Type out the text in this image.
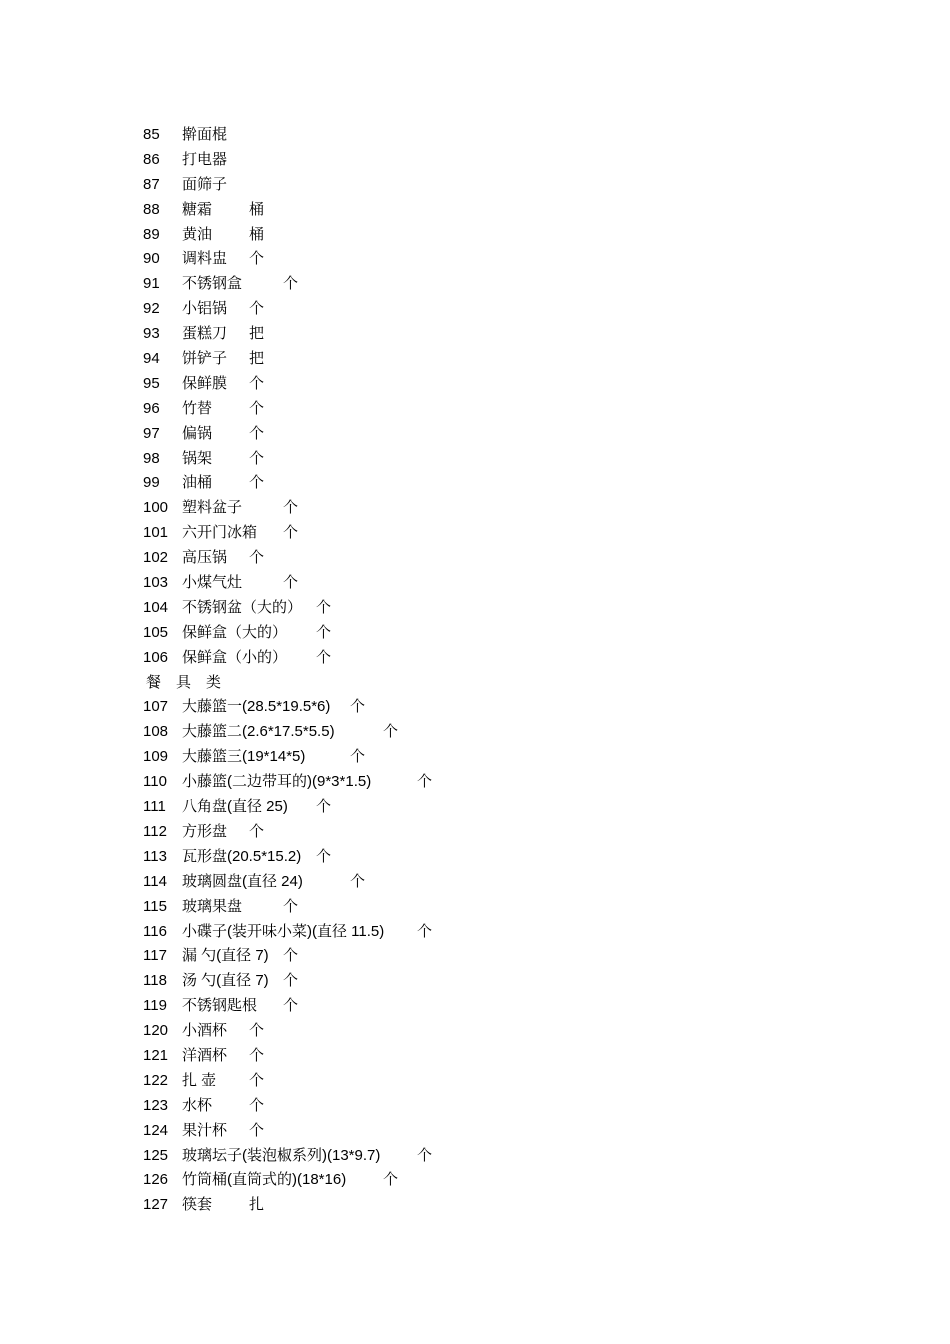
85 擀面棍
86 打电器
87 面筛子
88 糖霜 桶
89 黄油 桶
90 调料盅 个
91 不锈钢盒	个
92 小铝锅 个
93 蛋糕刀 把
94 饼铲子 把
95 保鲜膜 个
96 竹替 个
97 偏锅 个
98 锅架 个
99 油桶 个
100 塑料盆子	个
101 六开门冰箱 个
102 高压锅 个
103 小煤气灶	个
104 不锈钢盆（大的） 个
105 保鲜盒（大的） 个
106 保鲜盒（小的） 个
餐　具　类
107 大藤篮一(28.5*19.5*6) 个
108 大藤篮二(2.6*17.5*5.5)	个
109 大藤篮三(19*14*5)	个
110 小藤篮(二边带耳的)(9*3*1.5)	个
111 八角盘(直径 25) 个
112 方形盘 个
113 瓦形盘(20.5*15.2) 个
114 玻璃圆盘(直径 24)	个
115 玻璃果盘	个
116 小碟子(装开味小菜)(直径 11.5) 个
117 漏 勺(直径 7) 个
118 汤 勺(直径 7) 个
119 不锈钢匙根 个
120 小酒杯 个
121 洋酒杯 个
122 扎 壶 个
123 水杯 个
124 果汁杯 个
125 玻璃坛子(装泡椒系列)(13*9.7) 个
126 竹筒桶(直筒式的)(18*16) 个
127 筷套 扎
